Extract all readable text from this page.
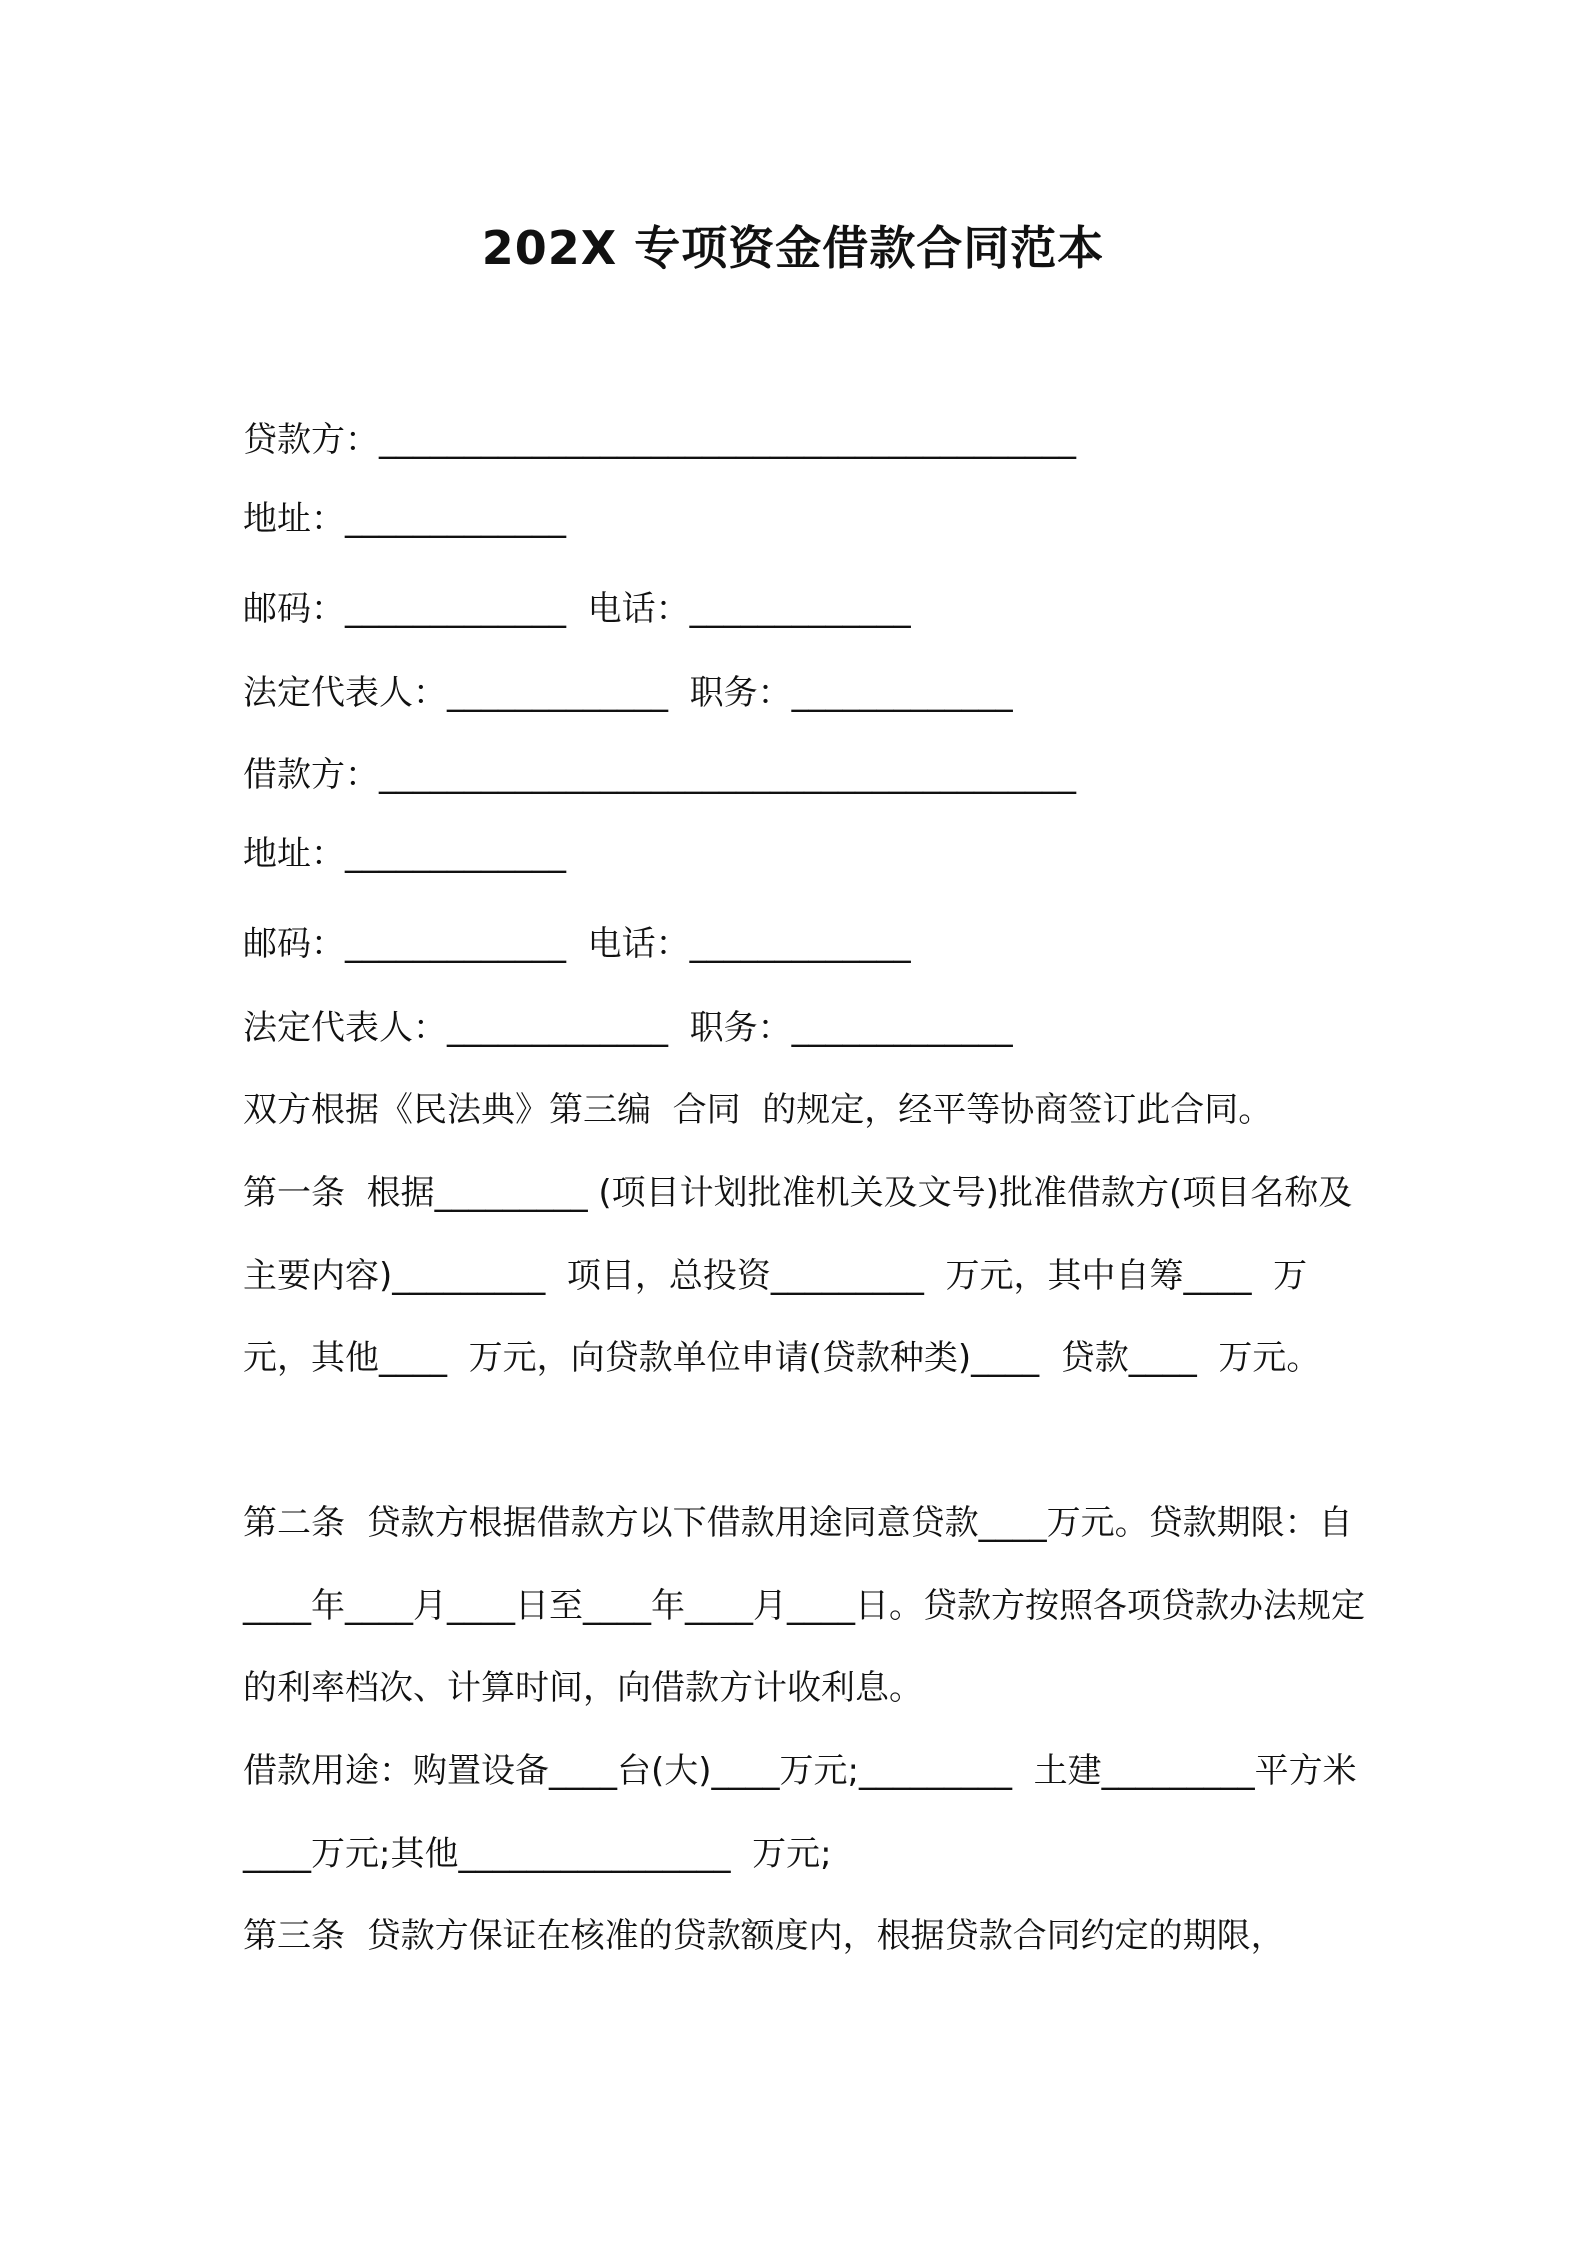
202X 专项资金借款合同范本
贷款方：_________________________________________
地址：_____________
邮码：_____________  电话：_____________
法定代表人：_____________  职务：_____________
借款方：_________________________________________
地址：_____________
邮码：_____________  电话：_____________
法定代表人：_____________  职务：_____________
双方根据《民法典》第三编  合同  的规定，经平等协商签订此合同。
第一条  根据_________ (项目计划批准机关及文号)批准借款方(项目名称及主要内容)_________  项目，总投资_________  万元，其中自筹____  万元，其他____  万元，向贷款单位申请(贷款种类)____  贷款____  万元。
第二条  贷款方根据借款方以下借款用途同意贷款____万元。贷款期限：自____年____月____日至____年____月____日。贷款方按照各项贷款办法规定的利率档次、计算时间，向借款方计收利息。
借款用途：购置设备____台(大)____万元;_________  土建_________平方米____万元;其他________________  万元;
第三条  贷款方保证在核准的贷款额度内，根据贷款合同约定的期限，
